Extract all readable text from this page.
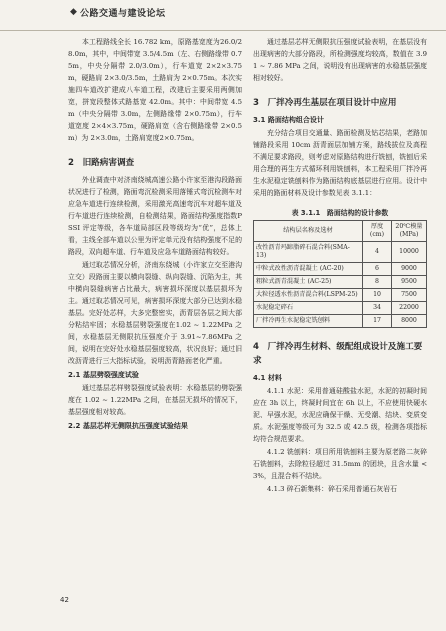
◆ 公路交通与建设论坛

本工程路线全长 16.782 km，原路基宽度为26.0/28.0m，其中，中间带宽 3.5/4.5m（左、右侧路缘带 0.75m，中央分隔带 2.0/3.0m），行车道宽 2×2×3.75m，硬路肩 2×3.0/3.5m，土路肩为 2×0.75m。本次实施四车道改扩建成八车道工程，改建后主要采用两侧加宽，拼宽段整体式路基宽 42.0m。其中：中间带宽 4.5m（中央分隔带 3.0m，左侧路缘带 2×0.75m），行车道宽度 2×4×3.75m，硬路肩宽（含右侧路缘带 2×0.5m）为 2×3.0m，土路肩宽度2×0.75m。

2　旧路病害调查

外业调查中对济南绕城高速公路小许家至港沟段路面状况进行了检测，路面弯沉检测采用落锤式弯沉检测车对应急车道进行连续检测，采用激光高速弯沉车对超车道及行车道进行连续检测，自检测结果，路面结构强度指数PSSI 评定等级，各车道局部区段等级均为“优”，总体上看，主线全部车道以公里为评定单元没有结构强度不足的路段，双向超车道、行车道及应急车道路面结构较好。

通过取芯情况分析，济南东绕城（小许家立交至港沟立交）段路面主要以横向裂缝、纵向裂缝、沉陷为主，其中横向裂缝病害占比最大，病害损坏深度以基层损坏为主。通过取芯情况可见，病害损坏深度大部分已达到水稳基层。完好处芯样，大多完整密实，沥青层各层之间大部分粘结牢固；水稳基层劈裂强度在1.02 ~ 1.22MPa 之间，水稳基层无侧限抗压强度介于 3.91~7.86MPa 之间，说明在完好处水稳基层强度较高，状况良好；通过旧改沥青进行三大指标试验，说明沥青路面老化严重。

2.1 基层劈裂强度试验

通过基层芯样劈裂强度试验表明：水稳基层的劈裂强度在 1.02 ~ 1.22MPa 之间，在基层无损坏的情况下，基层强度相对较高。

2.2 基层芯样无侧限抗压强度试验结果

通过基层芯样无侧限抗压强度试验表明，在基层没有出现病害的大部分路段，所检测强度均较高，数值在 3.91 ~ 7.86 MPa 之间，说明没有出现病害的水稳基层强度相对较好。

3　厂拌冷再生基层在项目设计中应用
3.1 路面结构组合设计

充分结合项目交通量、路面检测及钻芯结果，老路加铺路段采用 10cm 沥青面层加铺方案，路线拔位及高程不满足要求路段，则考虑对原路结构进行铣刨，铣刨后采用合理的再生方式循环利用铣刨料，本工程采用厂拌冷再生水泥稳定铣刨料作为路面结构底基层进行应用。设计中采用的路面材料及设计参数见表 3.1.1：

表 3.1.1　路面结构的设计参数
结构层名称及选材	厚度(cm)	20℃模量(MPa)
改性沥青玛蹄脂碎石混合料(SMA-13)	4	10000
中粒式改性沥青混凝土 (AC-20)	6	9000
粗粒式沥青混凝土 (AC-25)	8	9500
大粒径透水性沥青混合料(LSPM-25)	10	7500
水泥稳定碎石	34	22000
厂拌冷再生水泥稳定铣刨料	17	8000
4　厂拌冷再生材料、级配组成设计及施工要求
4.1 材料

4.1.1 水泥：采用普通硅酸盐水泥，水泥的初凝时间应在 3h 以上，终凝时间宜在 6h 以上，不应使用快硬水泥、早强水泥，水泥应确保干燥、无受潮、结块、变质变质。水泥强度等级可为 32.5 或 42.5 级，检测各项指标均符合规范要求。

4.1.2 铣刨料：项目所用铣刨料主要为原老路二灰碎石铣刨料，去除粒径超过 31.5mm 的团块，且含水量 <3%，且混合料不结块。

4.1.3 碎石新集料：碎石采用普通石灰岩石

42
